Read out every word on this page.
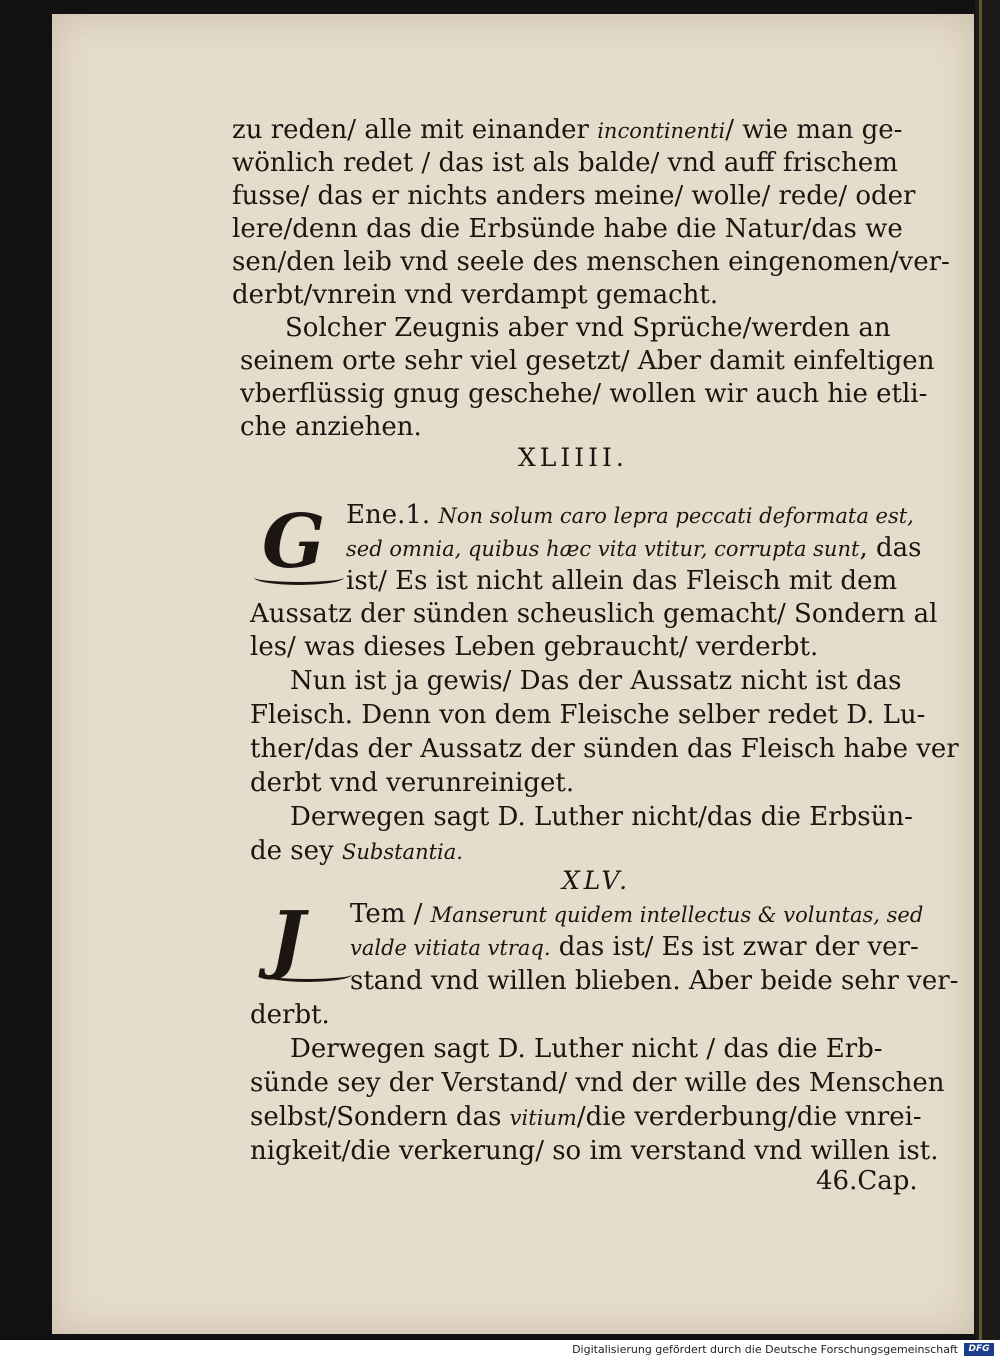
zu reden/ alle mit einander incontinenti/ wie man ge-
wönlich redet / das ist als balde/ vnd auff frischem
fusse/ das er nichts anders meine/ wolle/ rede/ oder
lere/denn das die Erbsünde habe die Natur/das we
sen/den leib vnd seele des menschen eingenomen/ver-
derbt/vnrein vnd verdampt gemacht.
Solcher Zeugnis aber vnd Sprüche/werden an
seinem orte sehr viel gesetzt/ Aber damit einfeltigen
vberflüssig gnug geschehe/ wollen wir auch hie etli-
che anziehen.
XLIIII.
G Ene.1. Non solum caro lepra peccati deformata est,
sed omnia, quibus hæc vita vtitur, corrupta sunt, das
ist/ Es ist nicht allein das Fleisch mit dem
Aussatz der sünden scheuslich gemacht/ Sondern al
les/ was dieses Leben gebraucht/ verderbt.
Nun ist ja gewis/ Das der Aussatz nicht ist das
Fleisch. Denn von dem Fleische selber redet D. Lu-
ther/das der Aussatz der sünden das Fleisch habe ver
derbt vnd verunreiniget.
Derwegen sagt D. Luther nicht/das die Erbsün-
de sey Substantia.
XLV.
J Tem / Manserunt quidem intellectus & voluntas, sed
valde vitiata vtraq. das ist/ Es ist zwar der ver-
stand vnd willen blieben. Aber beide sehr ver-
derbt.
Derwegen sagt D. Luther nicht / das die Erb-
sünde sey der Verstand/ vnd der wille des Menschen
selbst/Sondern das vitium/die verderbung/die vnrei-
nigkeit/die verkerung/ so im verstand vnd willen ist.
46.Cap.
Digitalisierung gefördert durch die Deutsche Forschungsgemeinschaft	DFG
